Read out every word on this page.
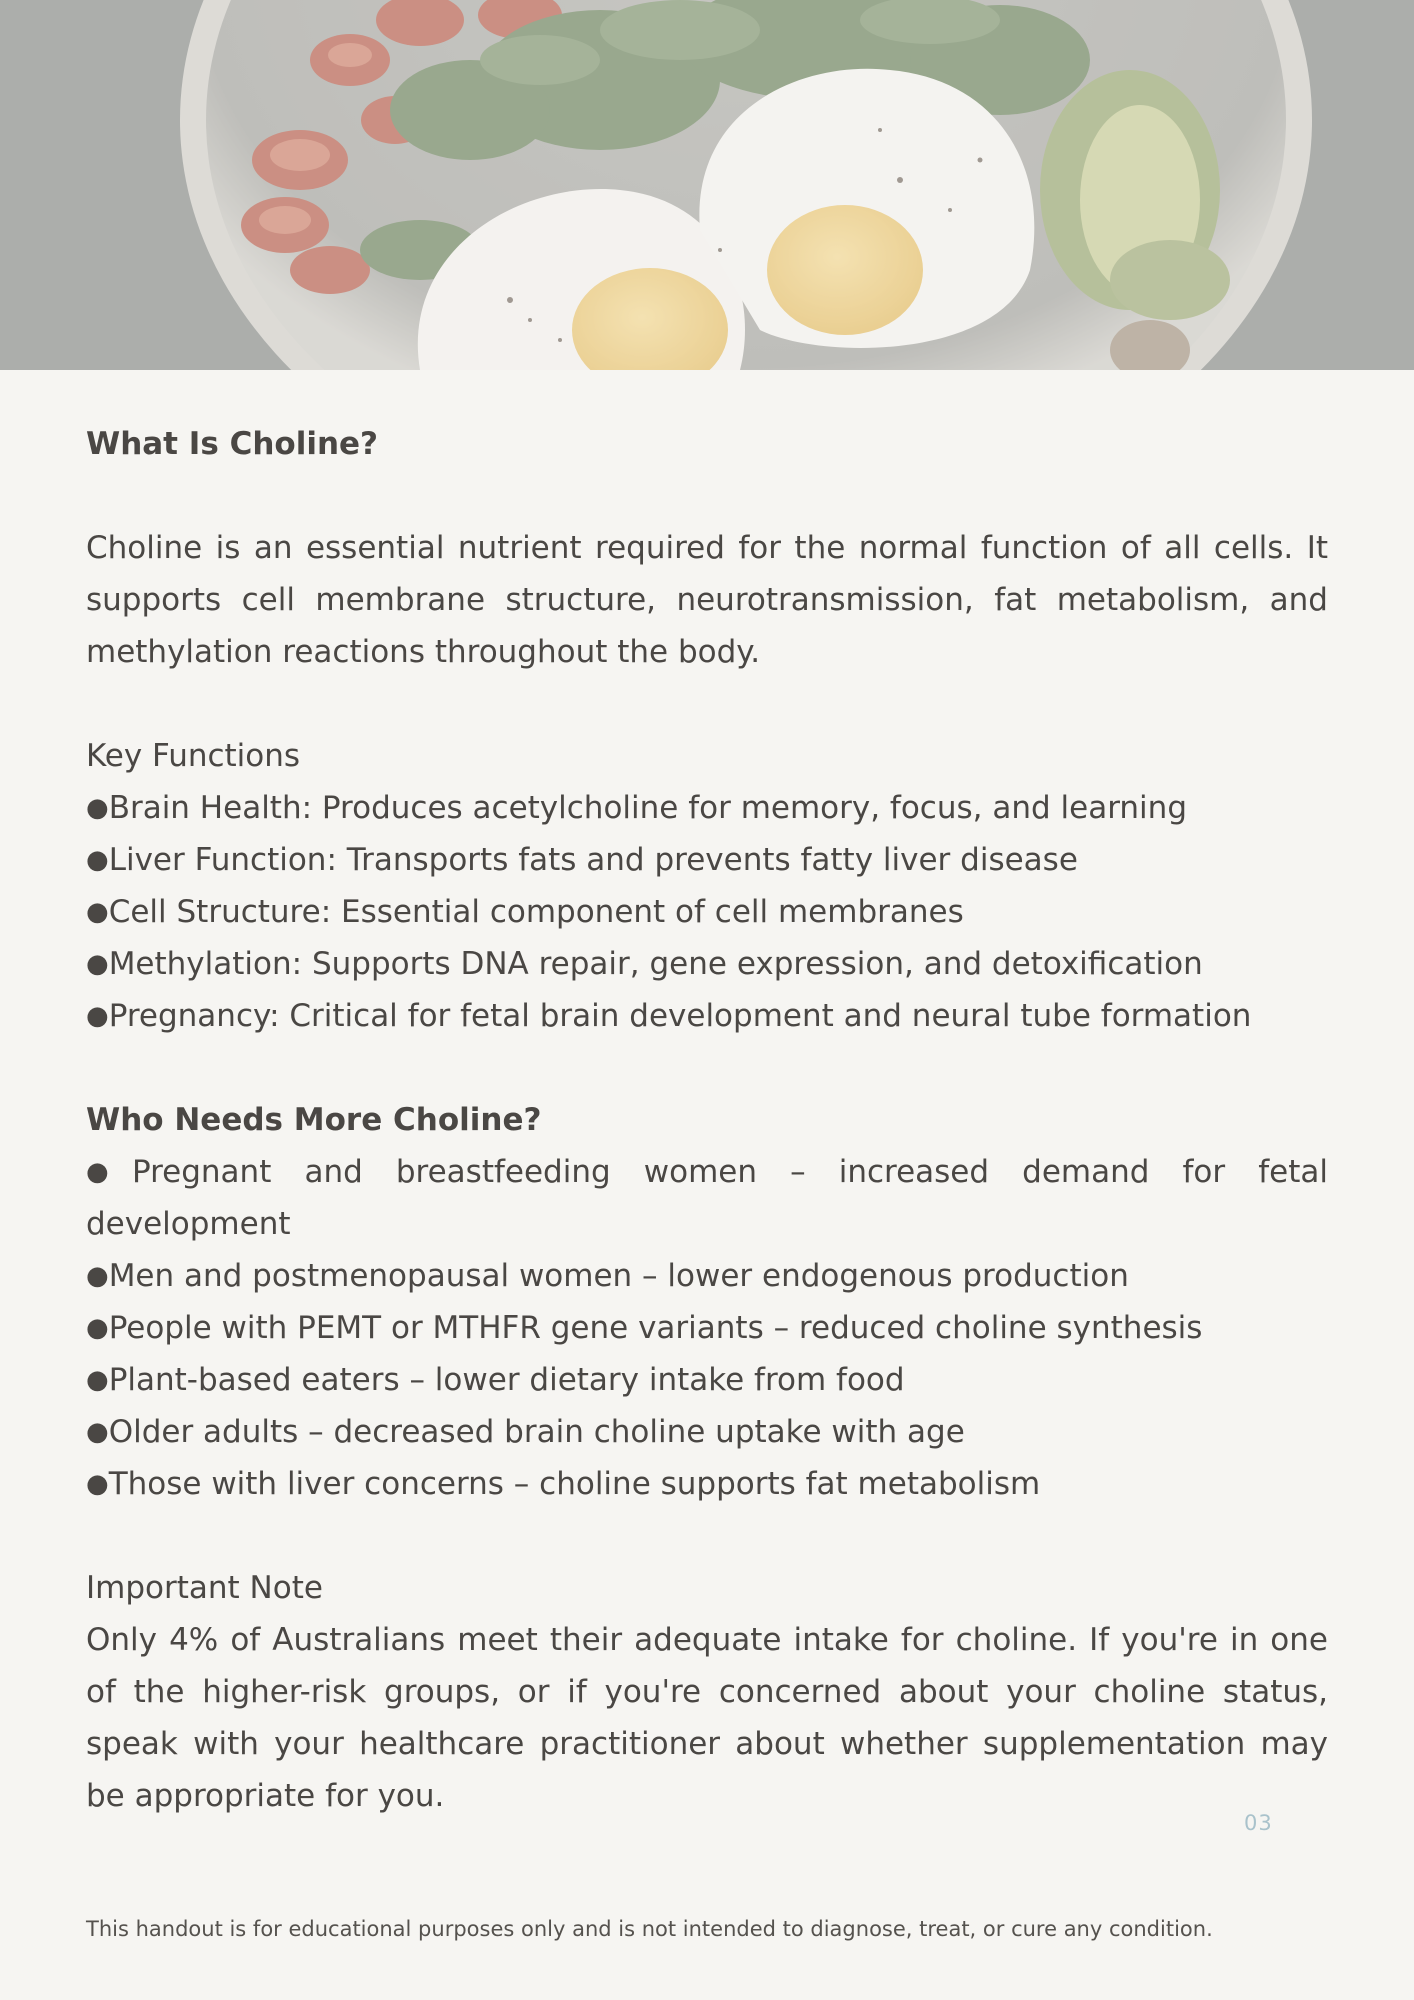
What Is Choline?

Choline is an essential nutrient required for the normal function of all cells. It supports cell membrane structure, neurotransmission, fat metabolism, and methylation reactions throughout the body.

Key Functions

●Brain Health: Produces acetylcholine for memory, focus, and learning
●Liver Function: Transports fats and prevents fatty liver disease
●Cell Structure: Essential component of cell membranes
●Methylation: Supports DNA repair, gene expression, and detoxification
●Pregnancy: Critical for fetal brain development and neural tube formation

Who Needs More Choline?

●Pregnant and breastfeeding women – increased demand for fetal development
●Men and postmenopausal women – lower endogenous production
●People with PEMT or MTHFR gene variants – reduced choline synthesis
●Plant-based eaters – lower dietary intake from food
●Older adults – decreased brain choline uptake with age
●Those with liver concerns – choline supports fat metabolism

Important Note

Only 4% of Australians meet their adequate intake for choline. If you're in one of the higher-risk groups, or if you're concerned about your choline status, speak with your healthcare practitioner about whether supplementation may be appropriate for you.

03
This handout is for educational purposes only and is not intended to diagnose, treat, or cure any condition.
